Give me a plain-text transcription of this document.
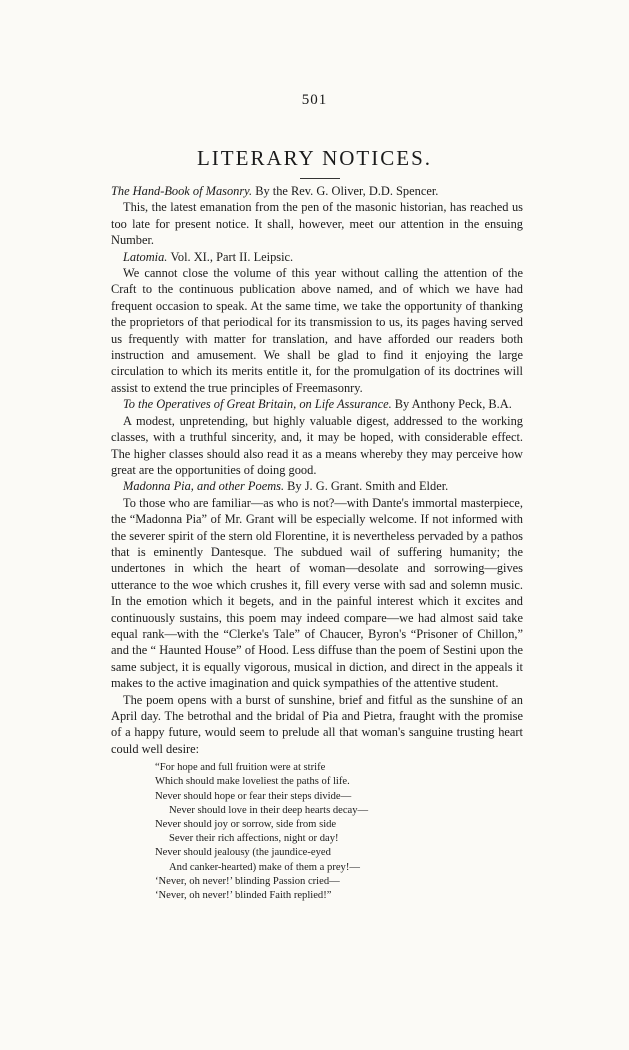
501
LITERARY NOTICES.

The Hand-Book of Masonry. By the Rev. G. Oliver, D.D. Spencer.

This, the latest emanation from the pen of the masonic historian, has reached us too late for present notice. It shall, however, meet our attention in the ensuing Number.

Latomia. Vol. XI., Part II. Leipsic.

We cannot close the volume of this year without calling the attention of the Craft to the continuous publication above named, and of which we have had frequent occasion to speak. At the same time, we take the opportunity of thanking the proprietors of that periodical for its transmission to us, its pages having served us frequently with matter for translation, and have afforded our readers both instruction and amusement. We shall be glad to find it enjoying the large circulation to which its merits entitle it, for the promulgation of its doctrines will assist to extend the true principles of Freemasonry.

To the Operatives of Great Britain, on Life Assurance. By Anthony Peck, B.A.

A modest, unpretending, but highly valuable digest, addressed to the working classes, with a truthful sincerity, and, it may be hoped, with considerable effect. The higher classes should also read it as a means whereby they may perceive how great are the opportunities of doing good.

Madonna Pia, and other Poems. By J. G. Grant. Smith and Elder.

To those who are familiar—as who is not?—with Dante's immortal masterpiece, the “Madonna Pia” of Mr. Grant will be especially welcome. If not informed with the severer spirit of the stern old Florentine, it is nevertheless pervaded by a pathos that is eminently Dantesque. The subdued wail of suffering humanity; the undertones in which the heart of woman—desolate and sorrowing—gives utterance to the woe which crushes it, fill every verse with sad and solemn music. In the emotion which it begets, and in the painful interest which it excites and continuously sustains, this poem may indeed compare—we had almost said take equal rank—with the “Clerke's Tale” of Chaucer, Byron's “Prisoner of Chillon,” and the “ Haunted House” of Hood. Less diffuse than the poem of Sestini upon the same subject, it is equally vigorous, musical in diction, and direct in the appeals it makes to the active imagination and quick sympathies of the attentive student.

The poem opens with a burst of sunshine, brief and fitful as the sunshine of an April day. The betrothal and the bridal of Pia and Pietra, fraught with the promise of a happy future, would seem to prelude all that woman's sanguine trusting heart could well desire:

“For hope and full fruition were at strife
Which should make loveliest the paths of life.
Never should hope or fear their steps divide—
Never should love in their deep hearts decay—
Never should joy or sorrow, side from side
Sever their rich affections, night or day!
Never should jealousy (the jaundice-eyed
And canker-hearted) make of them a prey!—
‘Never, oh never!’ blinding Passion cried—
‘Never, oh never!’ blinded Faith replied!”
